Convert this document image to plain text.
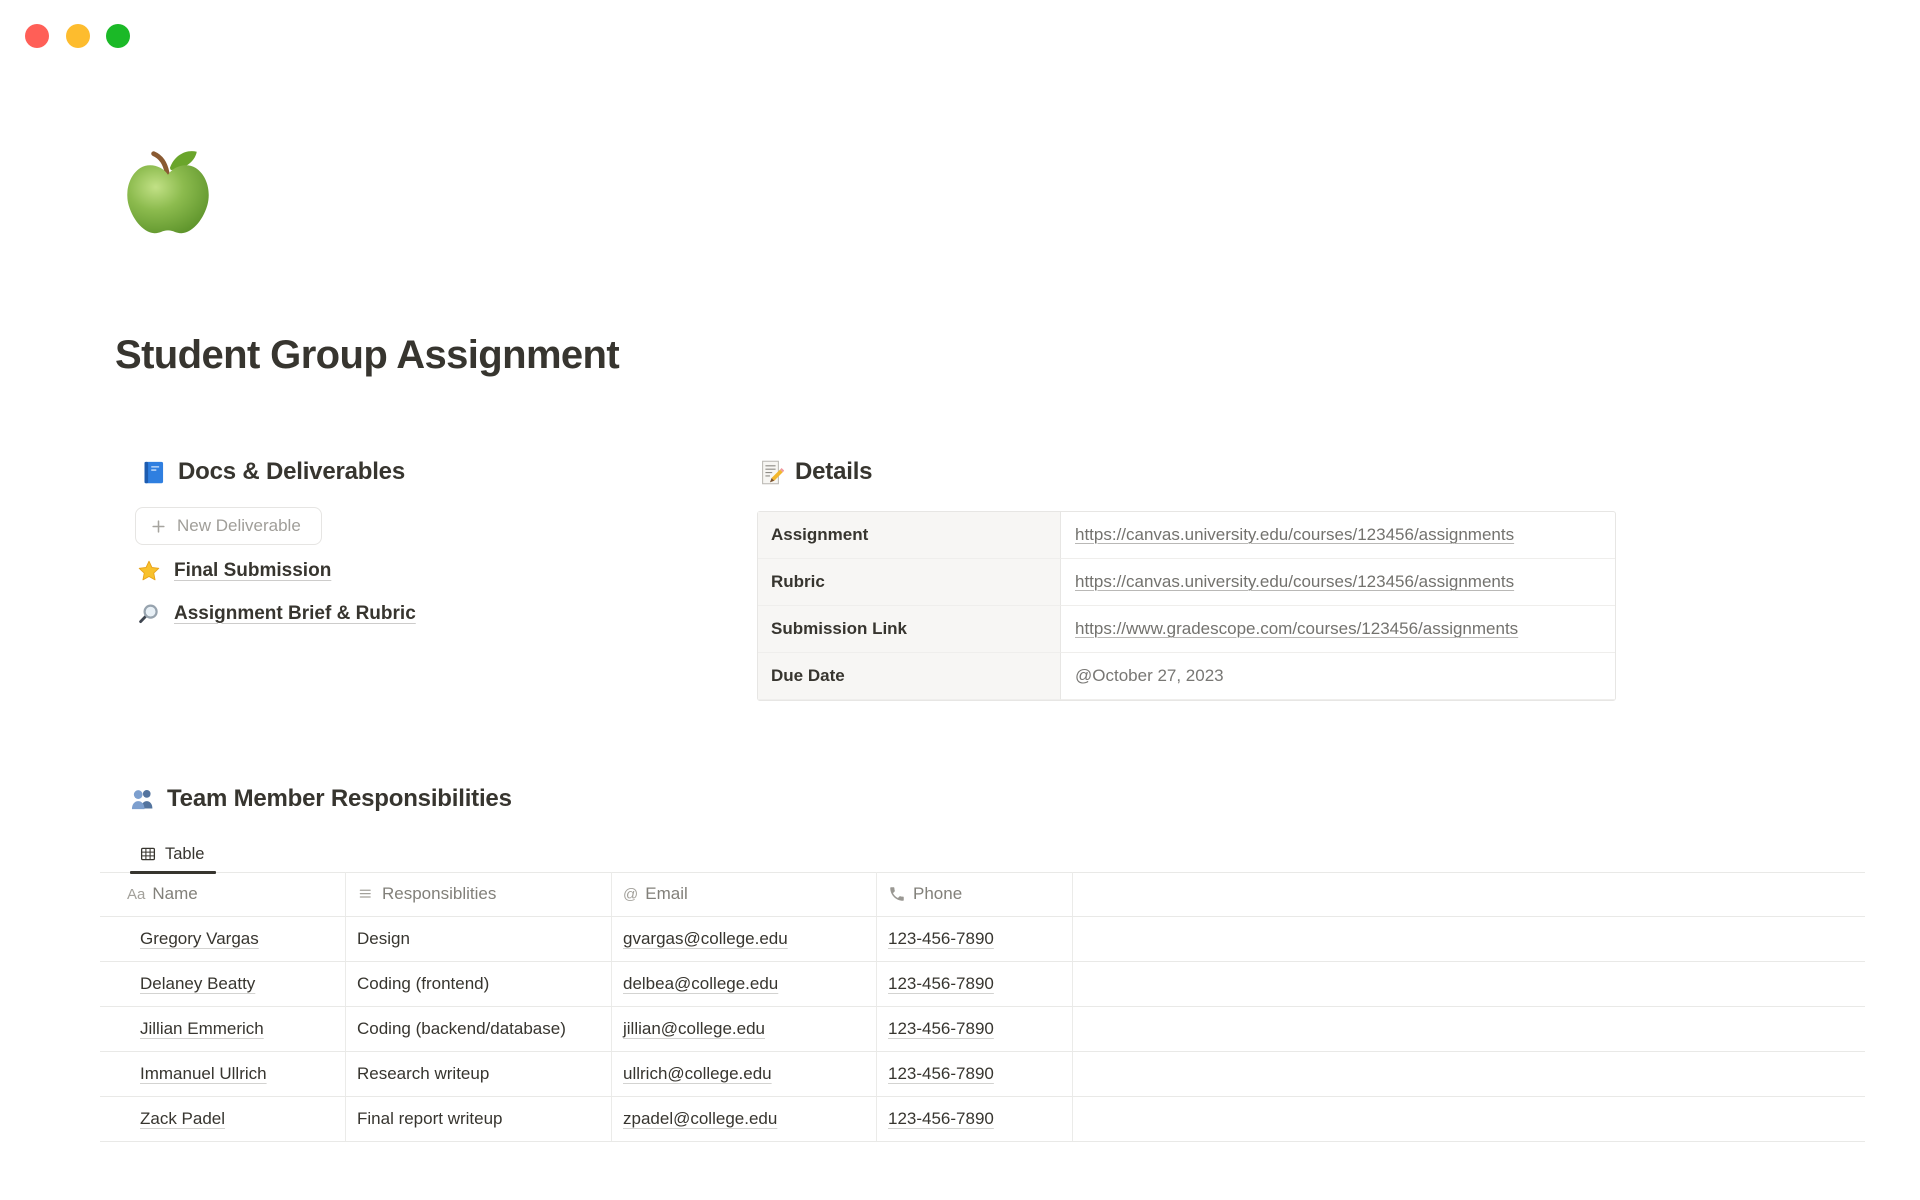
Student Group Assignment
Docs & Deliverables
New Deliverable
Final Submission
Assignment Brief & Rubric
Details
Assignment	https://canvas.university.edu/courses/123456/assignments
Rubric	https://canvas.university.edu/courses/123456/assignments
Submission Link	https://www.gradescope.com/courses/123456/assignments
Due Date	@October 27, 2023
Team Member Responsibilities
Table
Aa Name	Responsiblities	@ Email	Phone
Gregory Vargas	Design	gvargas@college.edu	123-456-7890
Delaney Beatty	Coding (frontend)	delbea@college.edu	123-456-7890
Jillian Emmerich	Coding (backend/database)	jillian@college.edu	123-456-7890
Immanuel Ullrich	Research writeup	ullrich@college.edu	123-456-7890
Zack Padel	Final report writeup	zpadel@college.edu	123-456-7890
